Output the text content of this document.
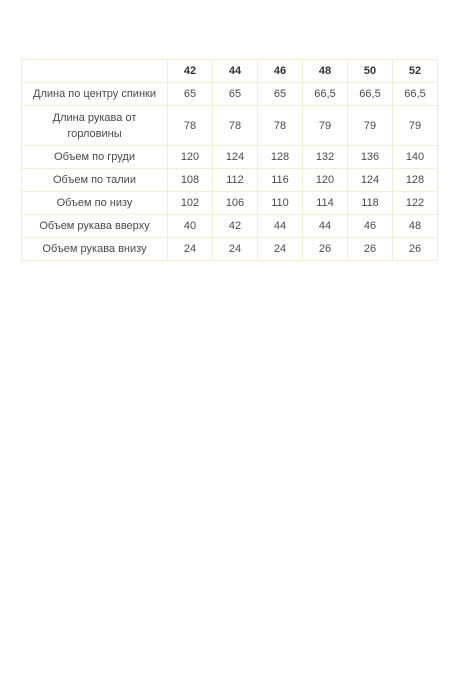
	42	44	46	48	50	52
Длина по центру спинки	65	65	65	66,5	66,5	66,5
Длина рукава от горловины	78	78	78	79	79	79
Объем по груди	120	124	128	132	136	140
Объем по талии	108	112	116	120	124	128
Объем по низу	102	106	110	114	118	122
Объем рукава вверху	40	42	44	44	46	48
Объем рукава внизу	24	24	24	26	26	26
